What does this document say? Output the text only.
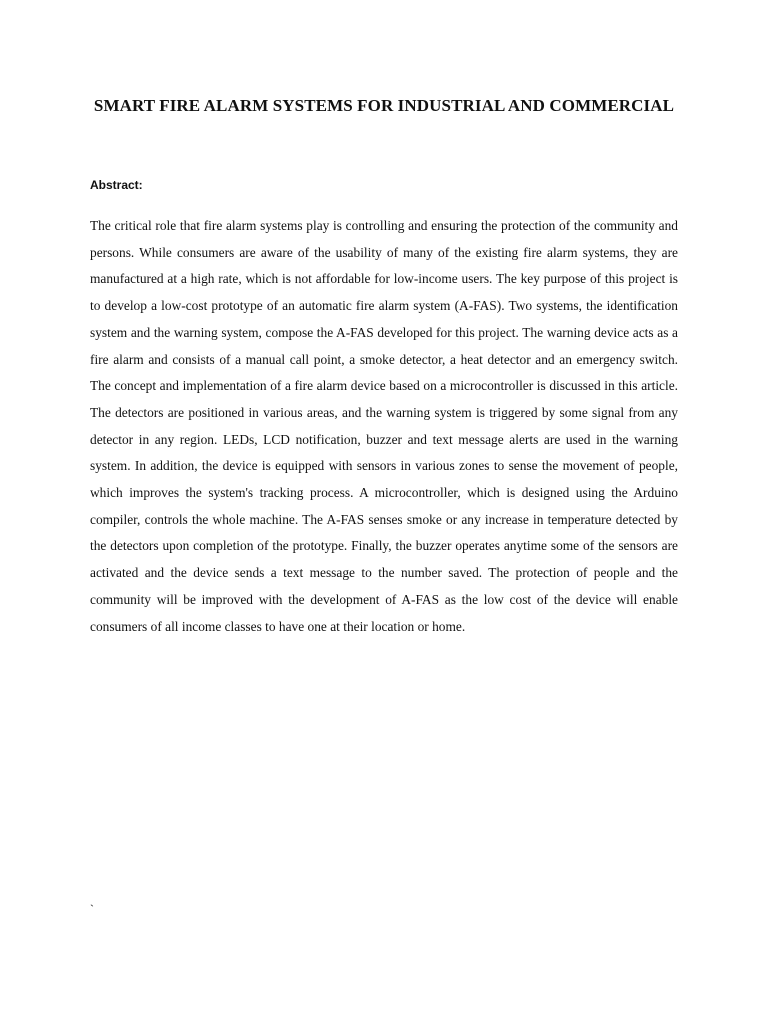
SMART FIRE ALARM SYSTEMS FOR INDUSTRIAL AND COMMERCIAL

Abstract:

The critical role that fire alarm systems play is controlling and ensuring the protection of the community and persons. While consumers are aware of the usability of many of the existing fire alarm systems, they are manufactured at a high rate, which is not affordable for low-income users. The key purpose of this project is to develop a low-cost prototype of an automatic fire alarm system (A-FAS). Two systems, the identification system and the warning system, compose the A-FAS developed for this project. The warning device acts as a fire alarm and consists of a manual call point, a smoke detector, a heat detector and an emergency switch. The concept and implementation of a fire alarm device based on a microcontroller is discussed in this article. The detectors are positioned in various areas, and the warning system is triggered by some signal from any detector in any region. LEDs, LCD notification, buzzer and text message alerts are used in the warning system. In addition, the device is equipped with sensors in various zones to sense the movement of people, which improves the system's tracking process. A microcontroller, which is designed using the Arduino compiler, controls the whole machine. The A-FAS senses smoke or any increase in temperature detected by the detectors upon completion of the prototype. Finally, the buzzer operates anytime some of the sensors are activated and the device sends a text message to the number saved. The protection of people and the community will be improved with the development of A-FAS as the low cost of the device will enable consumers of all income classes to have one at their location or home.

`
